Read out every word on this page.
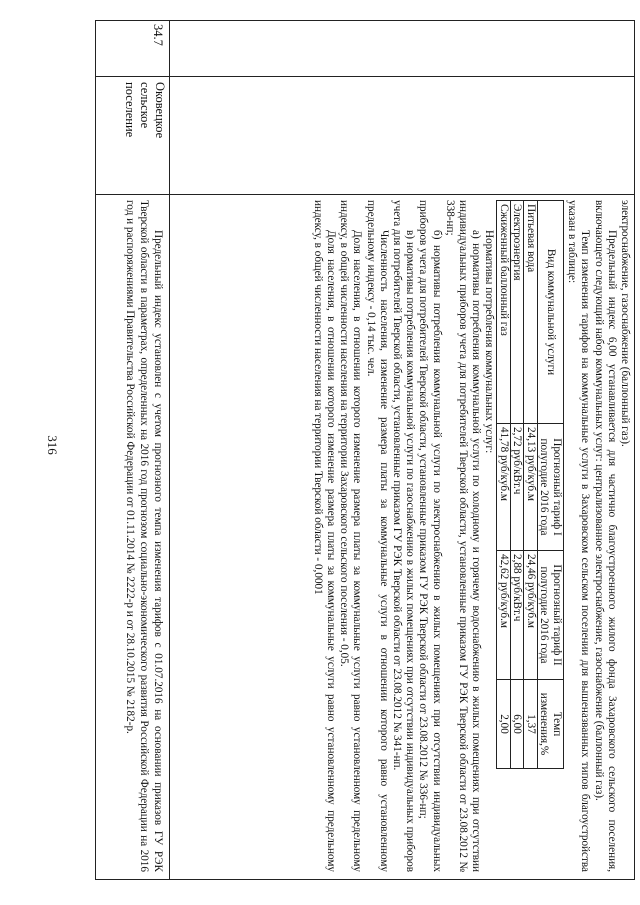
316
34.7
Оковецкое
сельское
поселение

электроснабжение, газоснабжение (баллонный газ).

Предельный индекс 6,00 устанавливается для частично благоустроенного жилого фонда Захаровского сельского поселения, включающего следующий набор коммунальных услуг: централизованное электроснабжение, газоснабжение (баллонный газ).

Темп изменения тарифов на коммунальные услуги в Захаровском сельском поселении для вышеназванных типов благоустройства указан в таблице:

Вид коммунальной услуги	Прогнозный тариф I полугодие 2016 года	Прогнозный тариф II полугодие 2016 года	Темп изменения,%
Питьевая вода	24,13 руб/куб.м	24,46 руб/куб.м	1,37
Электроэнергия	2,72 руб/кВт.ч	2,88 руб/кВт.ч	6,00
Сжиженный баллонный газ	41,78 руб/куб.м	42,62 руб/куб.м	2,00

Нормативы потребления коммунальных услуг:

а) нормативы потребления коммунальной услуги по холодному и горячему водоснабжению в жилых помещениях при отсутствии индивидуальных приборов учета для потребителей Тверской области, установленные приказом ГУ РЭК Тверской области от 23.08.2012 № 338-нп;

б) нормативы потребления коммунальной услуги по электроснабжению в жилых помещениях при отсутствии индивидуальных приборов учета для потребителей Тверской области, установленные приказом ГУ РЭК Тверской области от 23.08.2012 № 336-нп;

в) нормативы потребления коммунальной услуги по газоснабжению в жилых помещениях при отсутствии индивидуальных приборов учета для потребителей Тверской области, установленные приказом ГУ РЭК Тверской области от 23.08.2012 № 341-нп.

Численность населения, изменение размера платы за коммунальные услуги в отношении которого равно установленному предельному индексу - 0,14 тыс. чел.

Доля населения, в отношении которого изменение размера платы за коммунальные услуги равно установленному предельному индексу, в общей численности населения на территории Захаровского сельского поселения - 0,05.

Доля населения, в отношении которого изменение размера платы за коммунальные услуги равно установленному предельному индексу, в общей численности населения на территории Тверской области - 0,0001

Предельный индекс установлен с учетом прогнозного темпа изменения тарифов с 01.07.2016 на основании приказов ГУ РЭК Тверской области в параметрах, определенных на 2016 год прогнозом социально-экономического развития Российской Федерации на 2016 год и распоряжениями Правительства Российской Федерации от 01.11.2014 № 2222-р и от 28.10.2015 № 2182-р.
